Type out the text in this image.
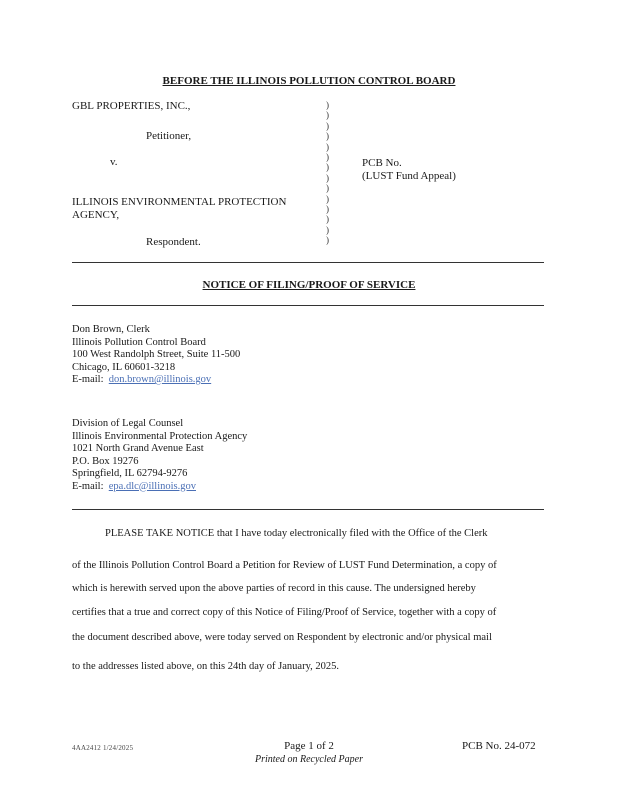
BEFORE THE ILLINOIS POLLUTION CONTROL BOARD
GBL PROPERTIES, INC.,
Petitioner,
v.
ILLINOIS ENVIRONMENTAL PROTECTION
AGENCY,
Respondent.
)
)
)
)
)
)
)
)
)
)
)
)
)
)
PCB No.
(LUST Fund Appeal)
NOTICE OF FILING/PROOF OF SERVICE
Don Brown, Clerk
Illinois Pollution Control Board
100 West Randolph Street, Suite 11-500
Chicago, IL 60601-3218
E-mail: don.brown@illinois.gov
Division of Legal Counsel
Illinois Environmental Protection Agency
1021 North Grand Avenue East
P.O. Box 19276
Springfield, IL 62794-9276
E-mail: epa.dlc@illinois.gov
PLEASE TAKE NOTICE that I have today electronically filed with the Office of the Clerk
of the Illinois Pollution Control Board a Petition for Review of LUST Fund Determination, a copy of
which is herewith served upon the above parties of record in this cause. The undersigned hereby
certifies that a true and correct copy of this Notice of Filing/Proof of Service, together with a copy of
the document described above, were today served on Respondent by electronic and/or physical mail
to the addresses listed above, on this 24th day of January, 2025.
4AA2412 1/24/2025	Page 1 of 2
Printed on Recycled Paper
PCB No. 24-072
